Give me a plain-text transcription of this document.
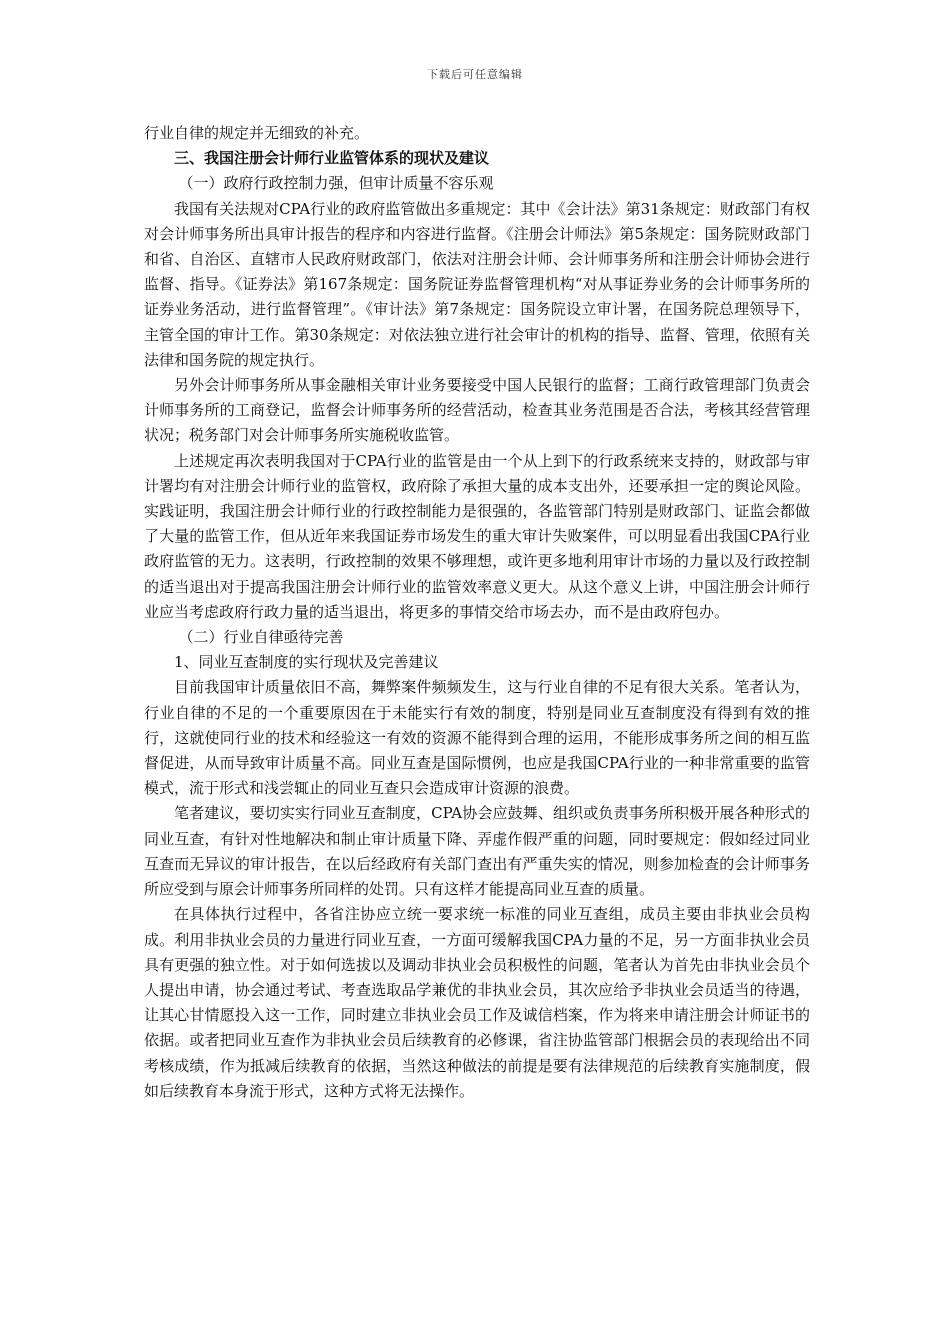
下载后可任意编辑

行业自律的规定并无细致的补充。

三、我国注册会计师行业监管体系的现状及建议

（一）政府行政控制力强，但审计质量不容乐观

我国有关法规对CPA行业的政府监管做出多重规定：其中《会计法》第31条规定：财政部门有权对会计师事务所出具审计报告的程序和内容进行监督。《注册会计师法》第5条规定：国务院财政部门和省、自治区、直辖市人民政府财政部门，依法对注册会计师、会计师事务所和注册会计师协会进行监督、指导。《证券法》第167条规定：国务院证券监督管理机构“对从事证券业务的会计师事务所的证券业务活动，进行监督管理”。《审计法》第7条规定：国务院设立审计署，在国务院总理领导下，主管全国的审计工作。第30条规定：对依法独立进行社会审计的机构的指导、监督、管理，依照有关法律和国务院的规定执行。

另外会计师事务所从事金融相关审计业务要接受中国人民银行的监督；工商行政管理部门负责会计师事务所的工商登记，监督会计师事务所的经营活动，检查其业务范围是否合法，考核其经营管理状况；税务部门对会计师事务所实施税收监管。

上述规定再次表明我国对于CPA行业的监管是由一个从上到下的行政系统来支持的，财政部与审计署均有对注册会计师行业的监管权，政府除了承担大量的成本支出外，还要承担一定的舆论风险。实践证明，我国注册会计师行业的行政控制能力是很强的，各监管部门特别是财政部门、证监会都做了大量的监管工作，但从近年来我国证券市场发生的重大审计失败案件，可以明显看出我国CPA行业政府监管的无力。这表明，行政控制的效果不够理想，或许更多地利用审计市场的力量以及行政控制的适当退出对于提高我国注册会计师行业的监管效率意义更大。从这个意义上讲，中国注册会计师行业应当考虑政府行政力量的适当退出，将更多的事情交给市场去办，而不是由政府包办。

（二）行业自律亟待完善

1、同业互查制度的实行现状及完善建议

目前我国审计质量依旧不高，舞弊案件频频发生，这与行业自律的不足有很大关系。笔者认为，行业自律的不足的一个重要原因在于未能实行有效的制度，特别是同业互查制度没有得到有效的推行，这就使同行业的技术和经验这一有效的资源不能得到合理的运用，不能形成事务所之间的相互监督促进，从而导致审计质量不高。同业互查是国际惯例，也应是我国CPA行业的一种非常重要的监管模式，流于形式和浅尝辄止的同业互查只会造成审计资源的浪费。

笔者建议，要切实实行同业互查制度，CPA协会应鼓舞、组织或负责事务所积极开展各种形式的同业互查，有针对性地解决和制止审计质量下降、弄虚作假严重的问题，同时要规定：假如经过同业互查而无异议的审计报告，在以后经政府有关部门查出有严重失实的情况，则参加检查的会计师事务所应受到与原会计师事务所同样的处罚。只有这样才能提高同业互查的质量。

在具体执行过程中，各省注协应立统一要求统一标准的同业互查组，成员主要由非执业会员构成。利用非执业会员的力量进行同业互查，一方面可缓解我国CPA力量的不足，另一方面非执业会员具有更强的独立性。对于如何选拔以及调动非执业会员积极性的问题，笔者认为首先由非执业会员个人提出申请，协会通过考试、考查选取品学兼优的非执业会员，其次应给予非执业会员适当的待遇，让其心甘情愿投入这一工作，同时建立非执业会员工作及诚信档案，作为将来申请注册会计师证书的依据。或者把同业互查作为非执业会员后续教育的必修课，省注协监管部门根据会员的表现给出不同考核成绩，作为抵减后续教育的依据，当然这种做法的前提是要有法律规范的后续教育实施制度，假如后续教育本身流于形式，这种方式将无法操作。
